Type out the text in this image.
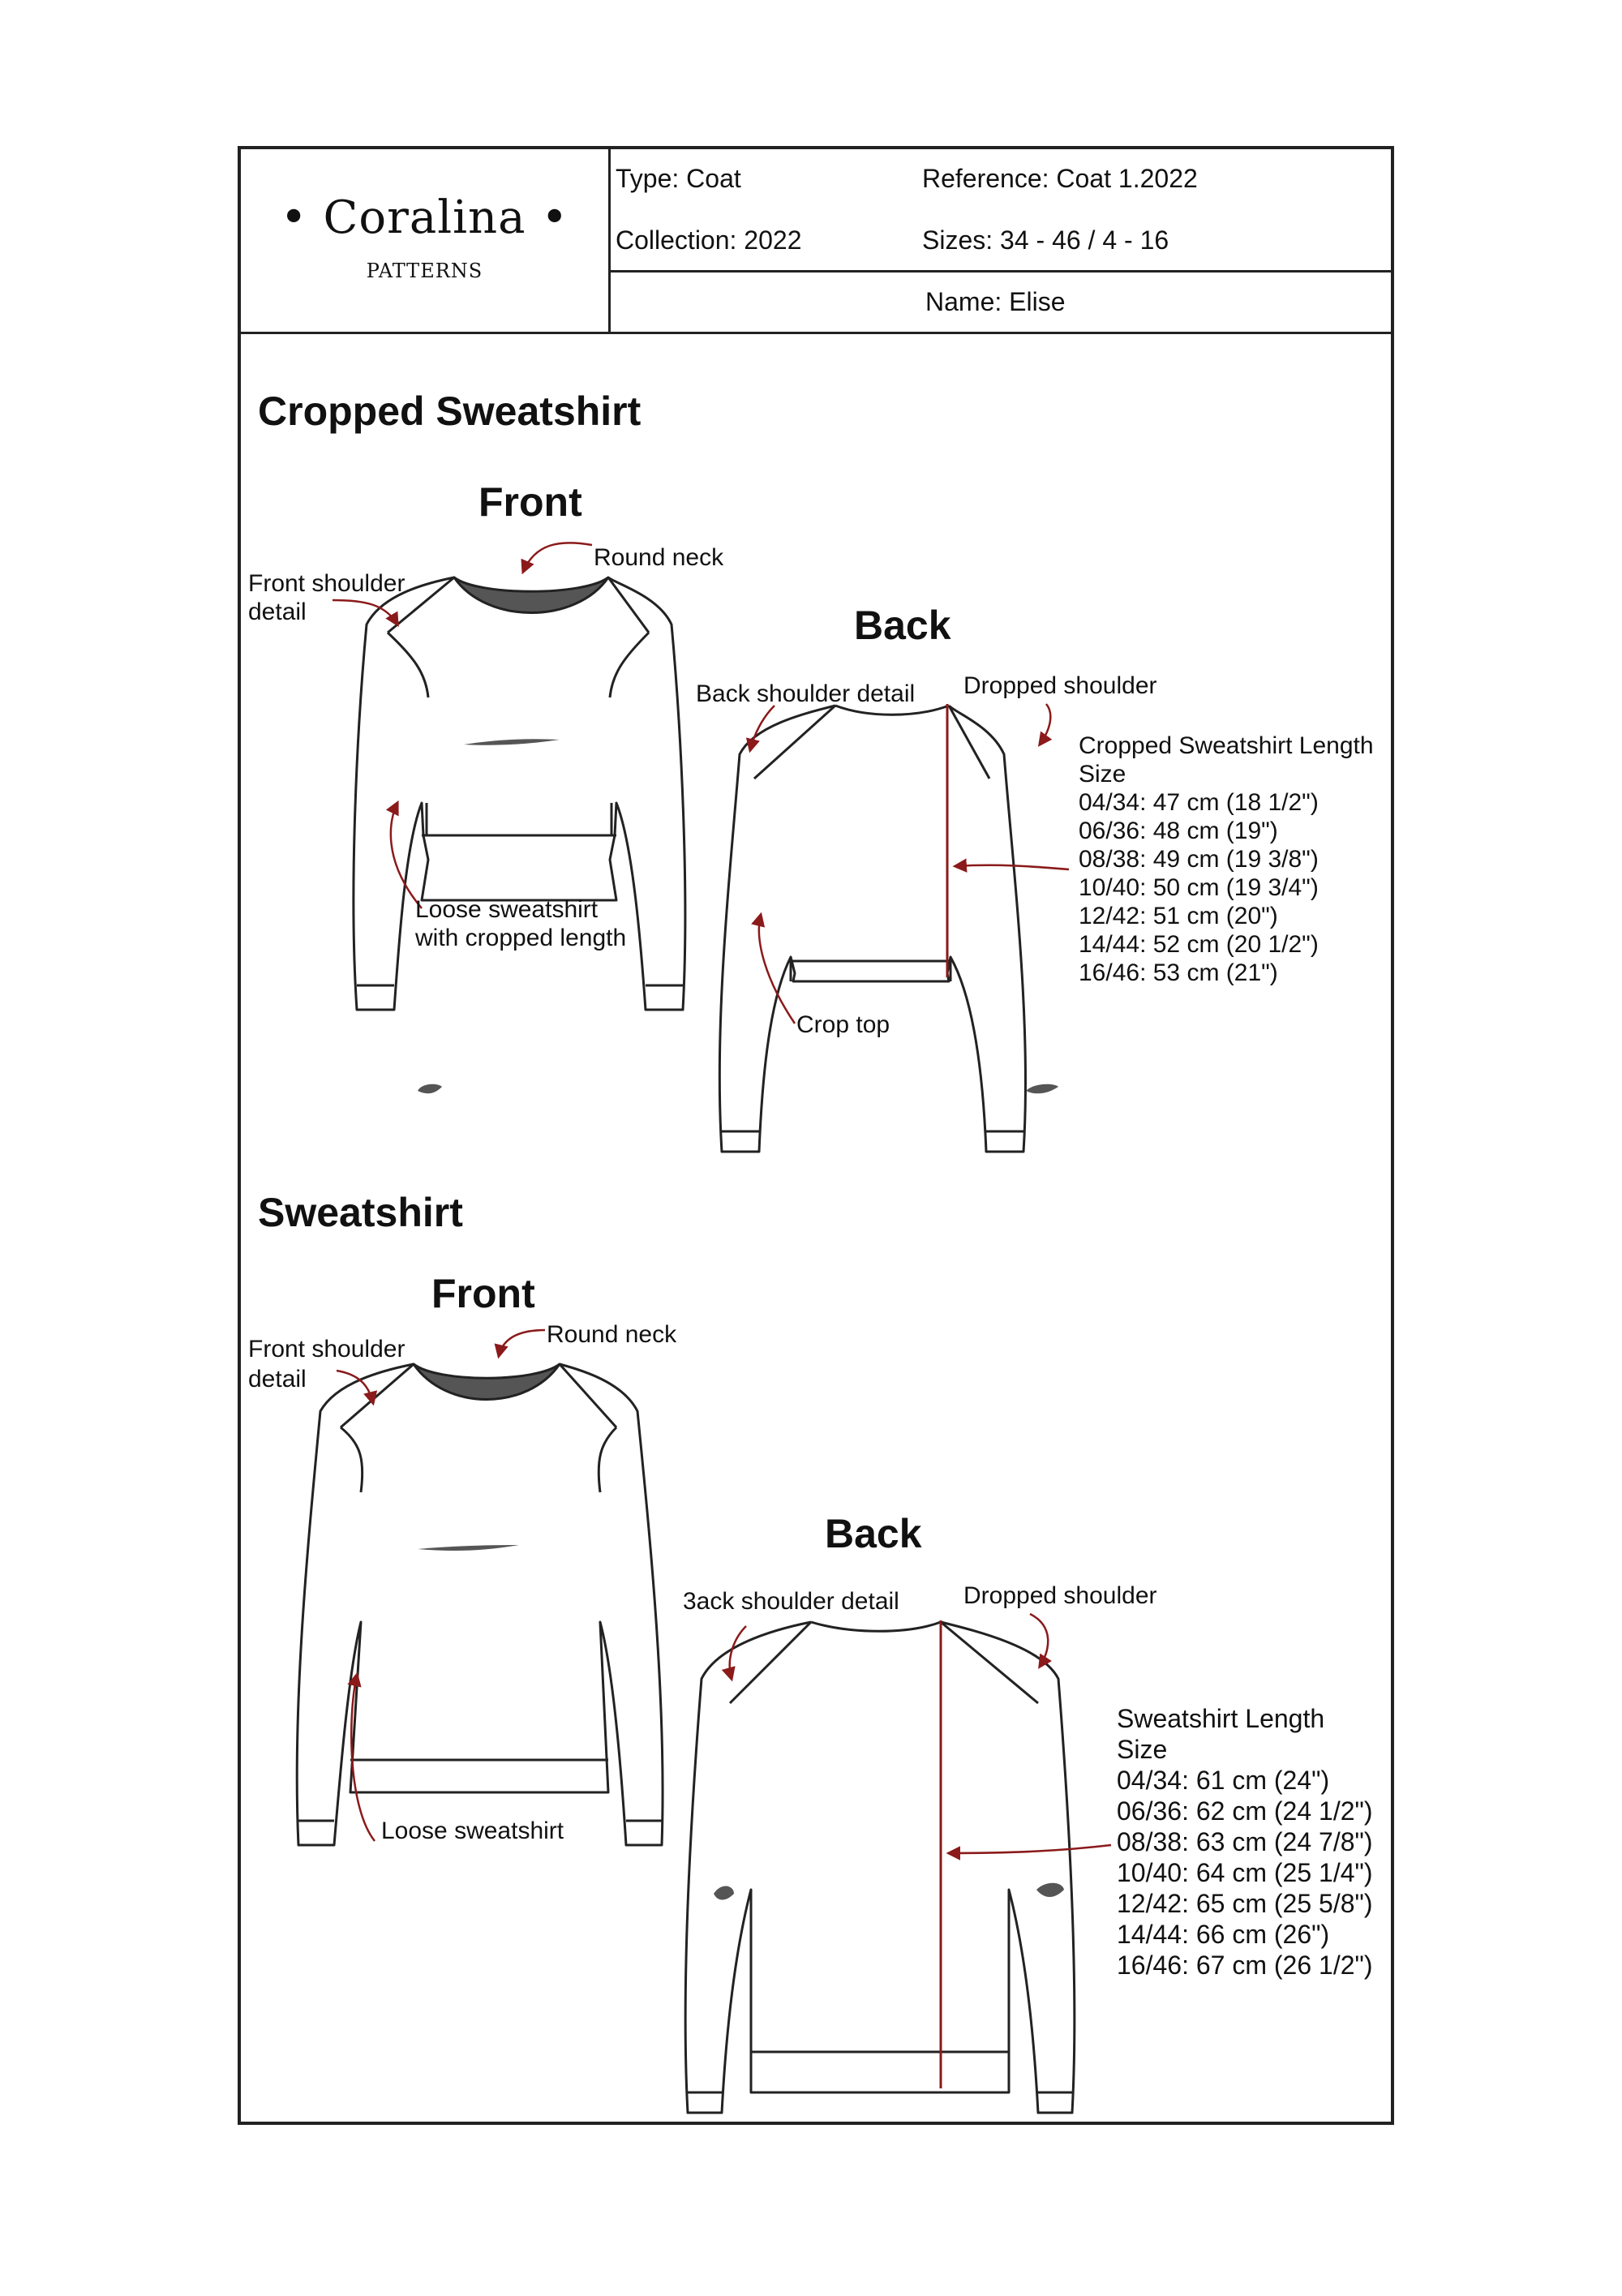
• Coralina •
PATTERNS
Type: Coat	Reference: Coat 1.2022
Collection: 2022	Sizes: 34 - 46 / 4 - 16
Name: Elise
Cropped Sweatshirt
Front
Back
Round neck
Front shoulder
detail
Loose sweatshirt
with cropped length
Back shoulder detail Dropped shoulder
Crop top
Cropped Sweatshirt Length
Size
04/34: 47 cm (18 1/2")
06/36: 48 cm (19")
08/38: 49 cm (19 3/8")
10/40: 50 cm (19 3/4")
12/42: 51 cm (20")
14/44: 52 cm (20 1/2")
16/46: 53 cm (21")
Sweatshirt
Front
Back
Round neck
Front shoulder
detail
Loose sweatshirt
3ack shoulder detail	Dropped shoulder
Sweatshirt Length
Size
04/34: 61 cm (24")
06/36: 62 cm (24 1/2")
08/38: 63 cm (24 7/8")
10/40: 64 cm (25 1/4")
12/42: 65 cm (25 5/8")
14/44: 66 cm (26")
16/46: 67 cm (26 1/2")
